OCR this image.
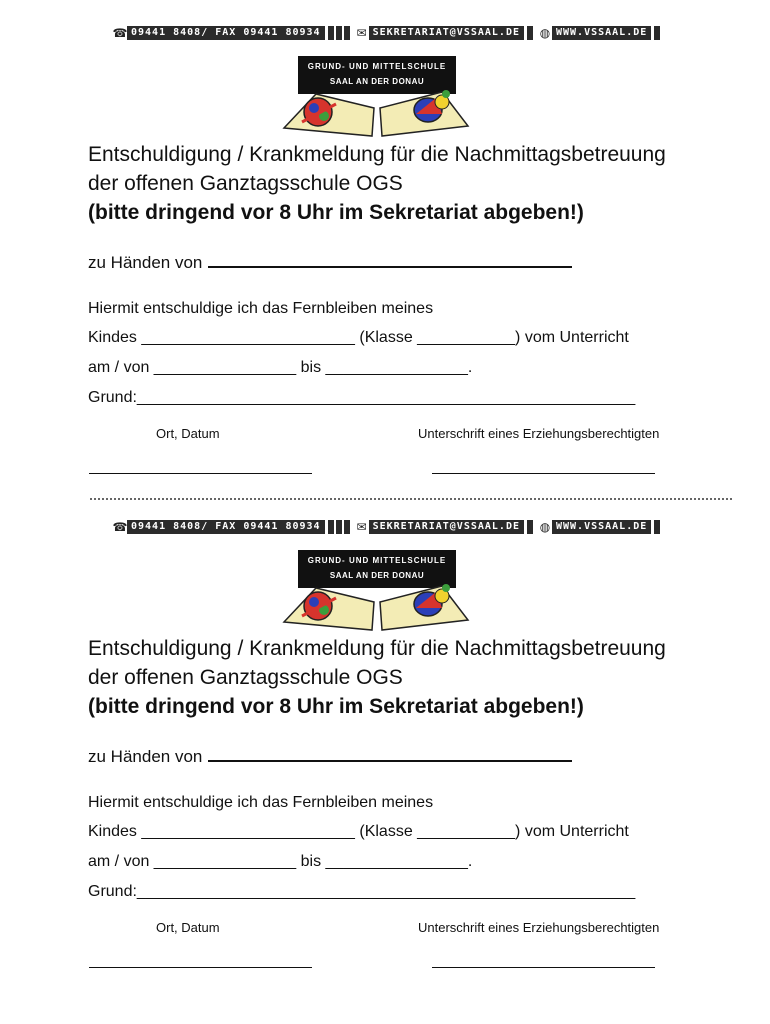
☎ 09441 8408/ FAX 09441 80934	✉ SEKRETARIAT@VSSAAL.DE	◍ WWW.VSSAAL.DE
GRUND- UND MITTELSCHULE
SAAL AN DER DONAU
Entschuldigung / Krankmeldung für die Nachmittagsbetreuung
der offenen Ganztagsschule OGS
(bitte dringend vor 8 Uhr im Sekretariat abgeben!)
zu Händen von
Hiermit entschuldige ich das Fernbleiben meines
Kindes ________________________ (Klasse ___________) vom Unterricht
am / von ________________ bis ________________.
Grund:________________________________________________________
Ort, Datum	Unterschrift eines Erziehungsberechtigten
☎ 09441 8408/ FAX 09441 80934	✉ SEKRETARIAT@VSSAAL.DE	◍ WWW.VSSAAL.DE
GRUND- UND MITTELSCHULE
SAAL AN DER DONAU
Entschuldigung / Krankmeldung für die Nachmittagsbetreuung
der offenen Ganztagsschule OGS
(bitte dringend vor 8 Uhr im Sekretariat abgeben!)
zu Händen von
Hiermit entschuldige ich das Fernbleiben meines
Kindes ________________________ (Klasse ___________) vom Unterricht
am / von ________________ bis ________________.
Grund:________________________________________________________
Ort, Datum	Unterschrift eines Erziehungsberechtigten
